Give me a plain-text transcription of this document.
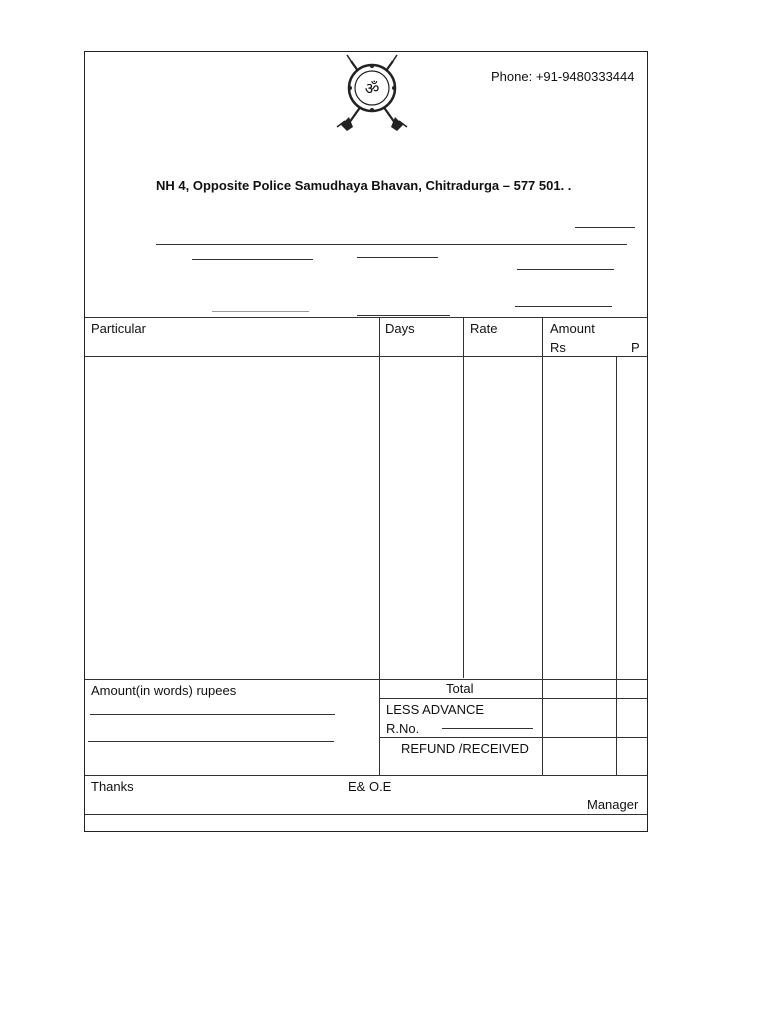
ॐ
Phone: +91-9480333444
NH 4, Opposite Police Samudhaya Bhavan, Chitradurga – 577 501. .
Particular	Days	Rate	Amount
Rs	P
Amount(in words) rupees	Total
LESS ADVANCE
R.No.
REFUND /RECEIVED
Thanks	E& O.E
Manager
